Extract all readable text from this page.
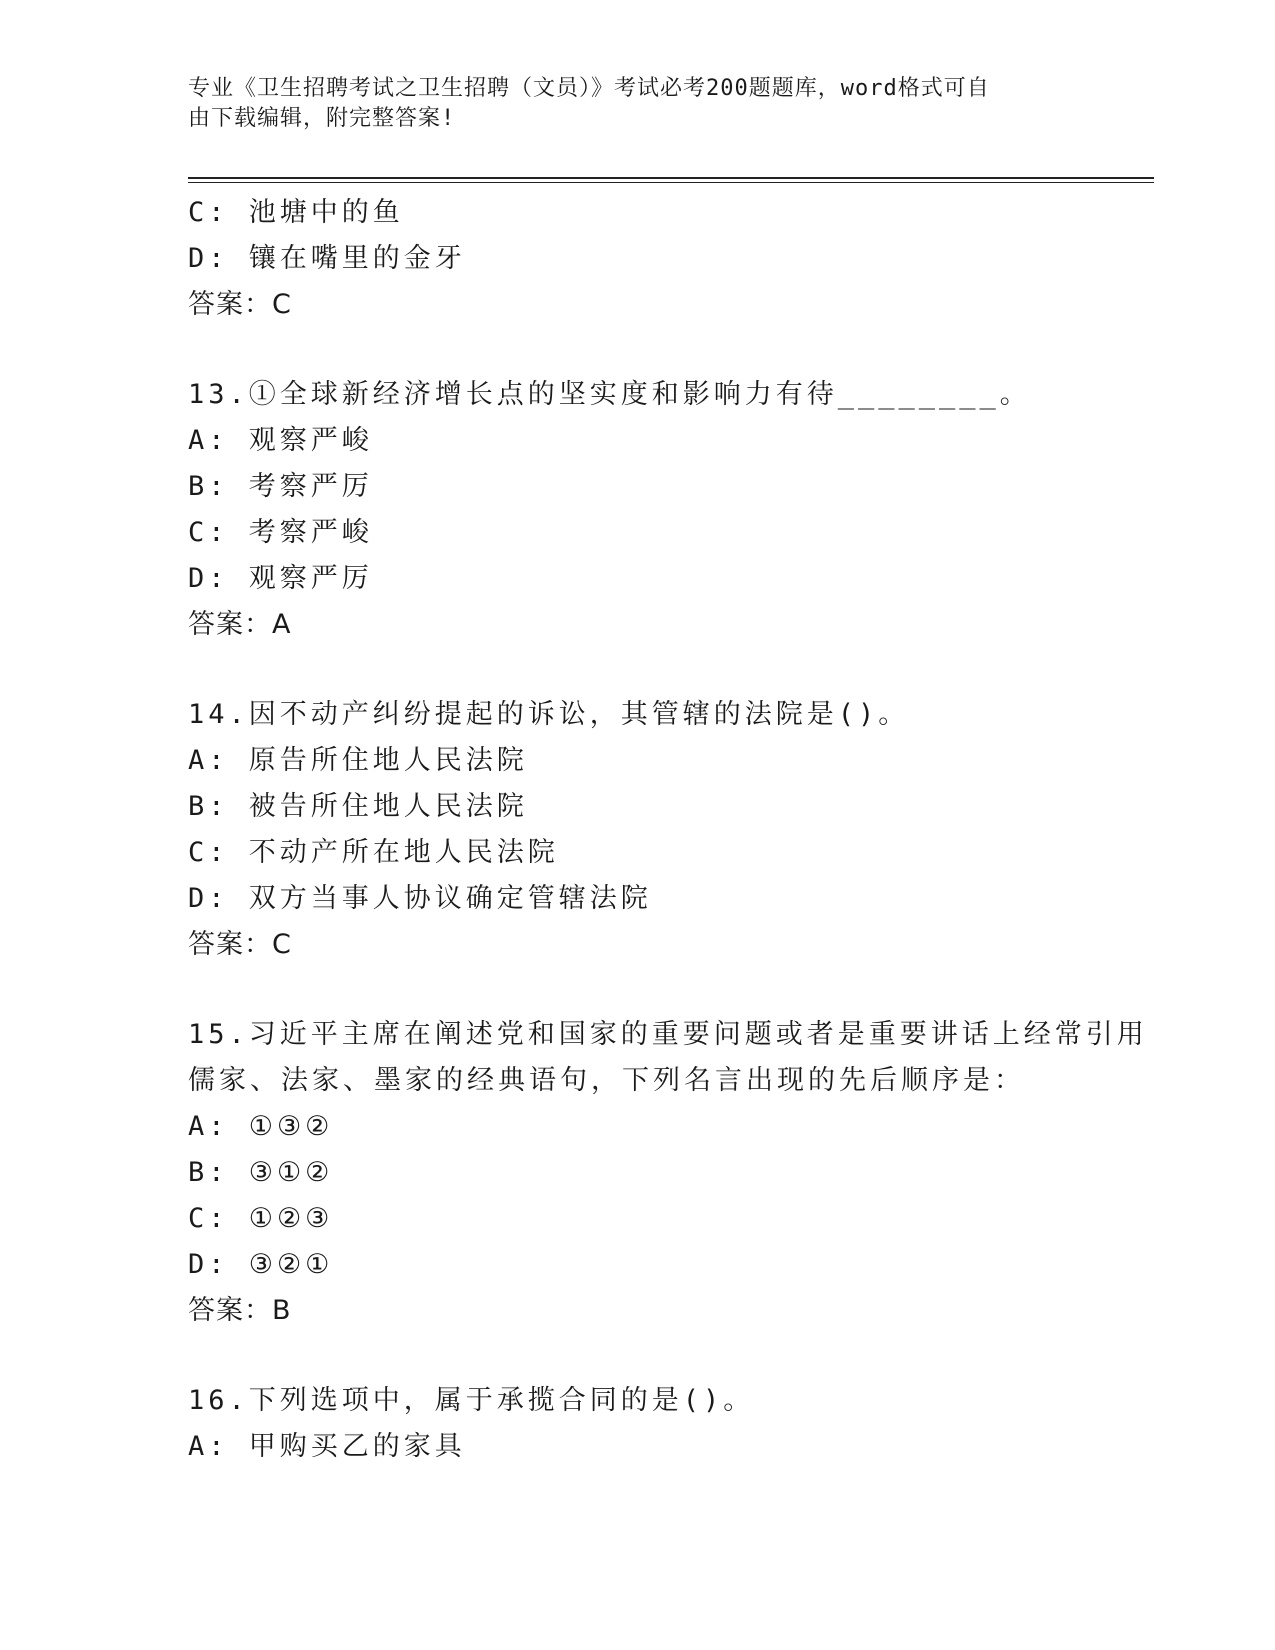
专业《卫生招聘考试之卫生招聘（文员）》考试必考200题题库，word格式可自
由下载编辑，附完整答案!
C: 池塘中的鱼
D: 镶在嘴里的金牙
答案：C
13.①全球新经济增长点的坚实度和影响力有待________。
A: 观察严峻
B: 考察严厉
C: 考察严峻
D: 观察严厉
答案：A
14.因不动产纠纷提起的诉讼，其管辖的法院是()。
A: 原告所住地人民法院
B: 被告所住地人民法院
C: 不动产所在地人民法院
D: 双方当事人协议确定管辖法院
答案：C
15.习近平主席在阐述党和国家的重要问题或者是重要讲话上经常引用
儒家、法家、墨家的经典语句，下列名言出现的先后顺序是：
A: ①③②
B: ③①②
C: ①②③
D: ③②①
答案：B
16.下列选项中，属于承揽合同的是()。
A: 甲购买乙的家具
